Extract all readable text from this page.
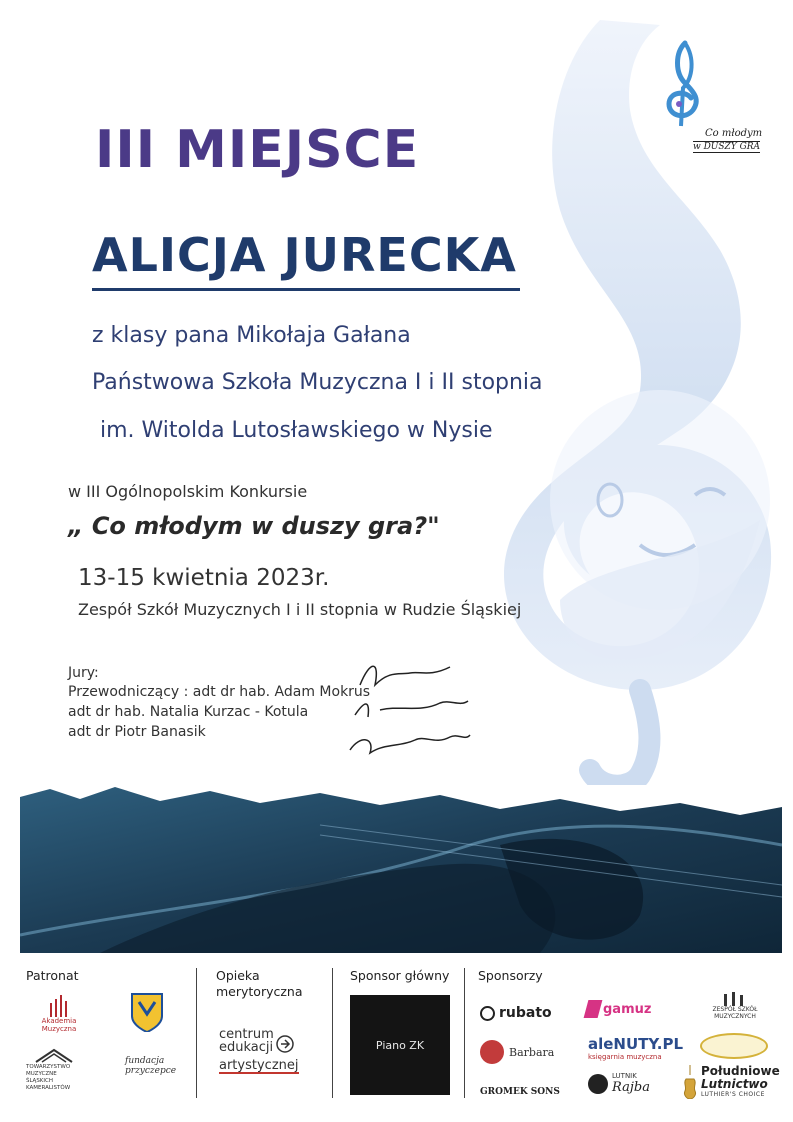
Co młodym
w DUSZY GRA
III MIEJSCE
ALICJA JURECKA
z klasy pana Mikołaja Gałana
Państwowa Szkoła Muzyczna I i II stopnia
im. Witolda Lutosławskiego w Nysie
w III Ogólnopolskim Konkursie
„ Co młodym w duszy gra?"
13-15 kwietnia 2023r.
Zespół Szkół Muzycznych I i II stopnia w Rudzie Śląskiej
Jury:
Przewodniczący : adt dr hab. Adam Mokrus
adt dr hab. Natalia Kurzac - Kotula
adt dr Piotr Banasik
Patronat	Opieka merytoryczna
Sponsor główny Sponsorzy
Akademia Muzyczna
TOWARZYSTWO MUZYCZNE ŚLĄSKICH KAMERALISTÓW
fundacja przyczepce
centrum
edukacji
artystycznej
Piano ZK
rubato
Barbara
GROMEK SONS
gamuz
aleNUTY.PL
księgarnia muzyczna
LUTNIK
Rajba
ZESPÓŁ SZKÓŁ MUZYCZNYCH
Południowe
Lutnictwo
LUTHIER'S CHOICE
